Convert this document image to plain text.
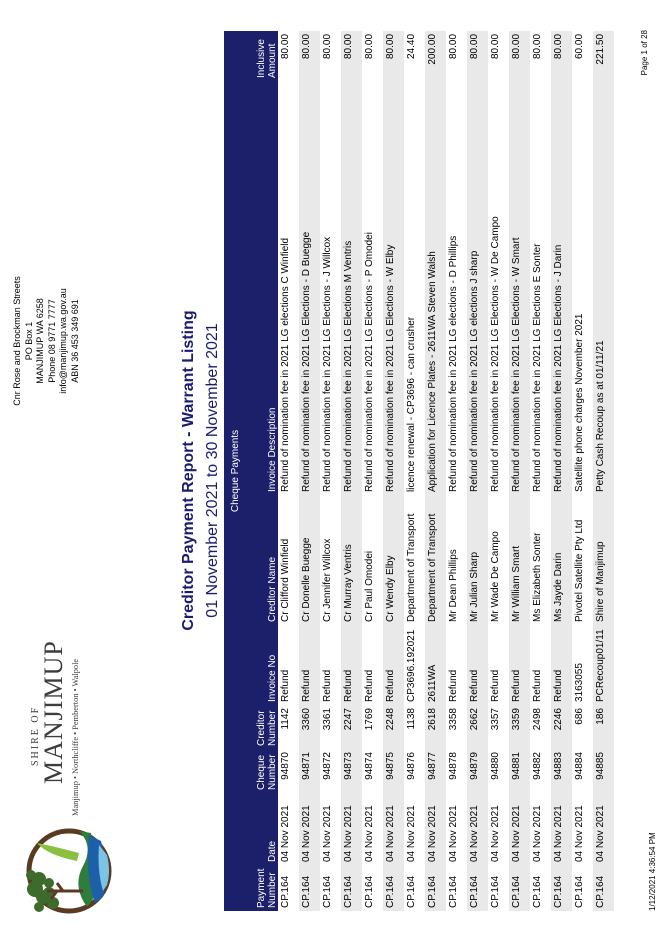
SHIRE OF
MANJIMUP Manjimup • Northcliffe • Pemberton • Walpole
Cnr Rose and Brockman Streets PO Box 1 MANJIMUP WA 6258 Phone 08 9771 7777 info@manjimup.wa.gov.au ABN 36 453 349 691	Creditor Payment Report - Warrant Listing 01 November 2021 to 30 November 2021 Cheque Payments							
Payment Number	Date	Cheque Number	Creditor Number	Invoice No	Creditor Name	Invoice Description	Inclusive Amount
CP.164	04 Nov 2021	94870	1142	Refund	Cr Clifford Winfield	Refund of nomination fee in 2021 LG elections C Winfield	80.00
CP.164	04 Nov 2021	94871	3360	Refund	Cr Donelle Buegge	Refund of nomination fee in 2021 LG Elections - D Buegge	80.00
CP.164	04 Nov 2021	94872	3361	Refund	Cr Jennifer Willcox	Refund of nomination fee in 2021 LG Elections - J Willcox	80.00
CP.164	04 Nov 2021	94873	2247	Refund	Cr Murray Ventris	Refund of nomination fee in 2021 LG Elections M Ventris	80.00
CP.164	04 Nov 2021	94874	1769	Refund	Cr Paul Omodei	Refund of nomination fee in 2021 LG Elections - P Omodei	80.00
CP.164	04 Nov 2021	94875	2248	Refund	Cr Wendy Elby	Refund of nomination fee in 2021 LG Elections - W Elby	80.00
CP.164	04 Nov 2021	94876	1138	CP3696.192021	Department of Transport	licence renewal - CP3696 - can crusher	24.40
CP.164	04 Nov 2021	94877	2618	2611WA	Department of Transport	Application for Licence Plates - 2611WA Steven Walsh	200.00
CP.164	04 Nov 2021	94878	3358	Refund	Mr Dean Phillips	Refund of nomination fee in 2021 LG elections - D Phillips	80.00
CP.164	04 Nov 2021	94879	2662	Refund	Mr Julian Sharp	Refund of nomination fee in 2021 LG elections J sharp	80.00
CP.164	04 Nov 2021	94880	3357	Refund	Mr Wade De Campo	Refund of nomination fee in 2021 LG Elections - W De Campo	80.00
CP.164	04 Nov 2021	94881	3359	Refund	Mr William Smart	Refund of nomination fee in 2021 LG Elections - W Smart	80.00
CP.164	04 Nov 2021	94882	2498	Refund	Ms Elizabeth Sonter	Refund of nomination fee in 2021 LG Elections E Sonter	80.00
CP.164	04 Nov 2021	94883	2246	Refund	Ms Jayde Darin	Refund of nomination fee in 2021 LG Elections - J Darin	80.00
CP.164	04 Nov 2021	94884	686	3163055	Pivotel Satellite Pty Ltd	Satellite phone charges November 2021	60.00
CP.164	04 Nov 2021	94885	186	PCRecoup01/11	Shire of Manjimup	Petty Cash Recoup as at 01/11/21	221.50
1/12/2021 4:36:54 PM
Page 1 of 28
